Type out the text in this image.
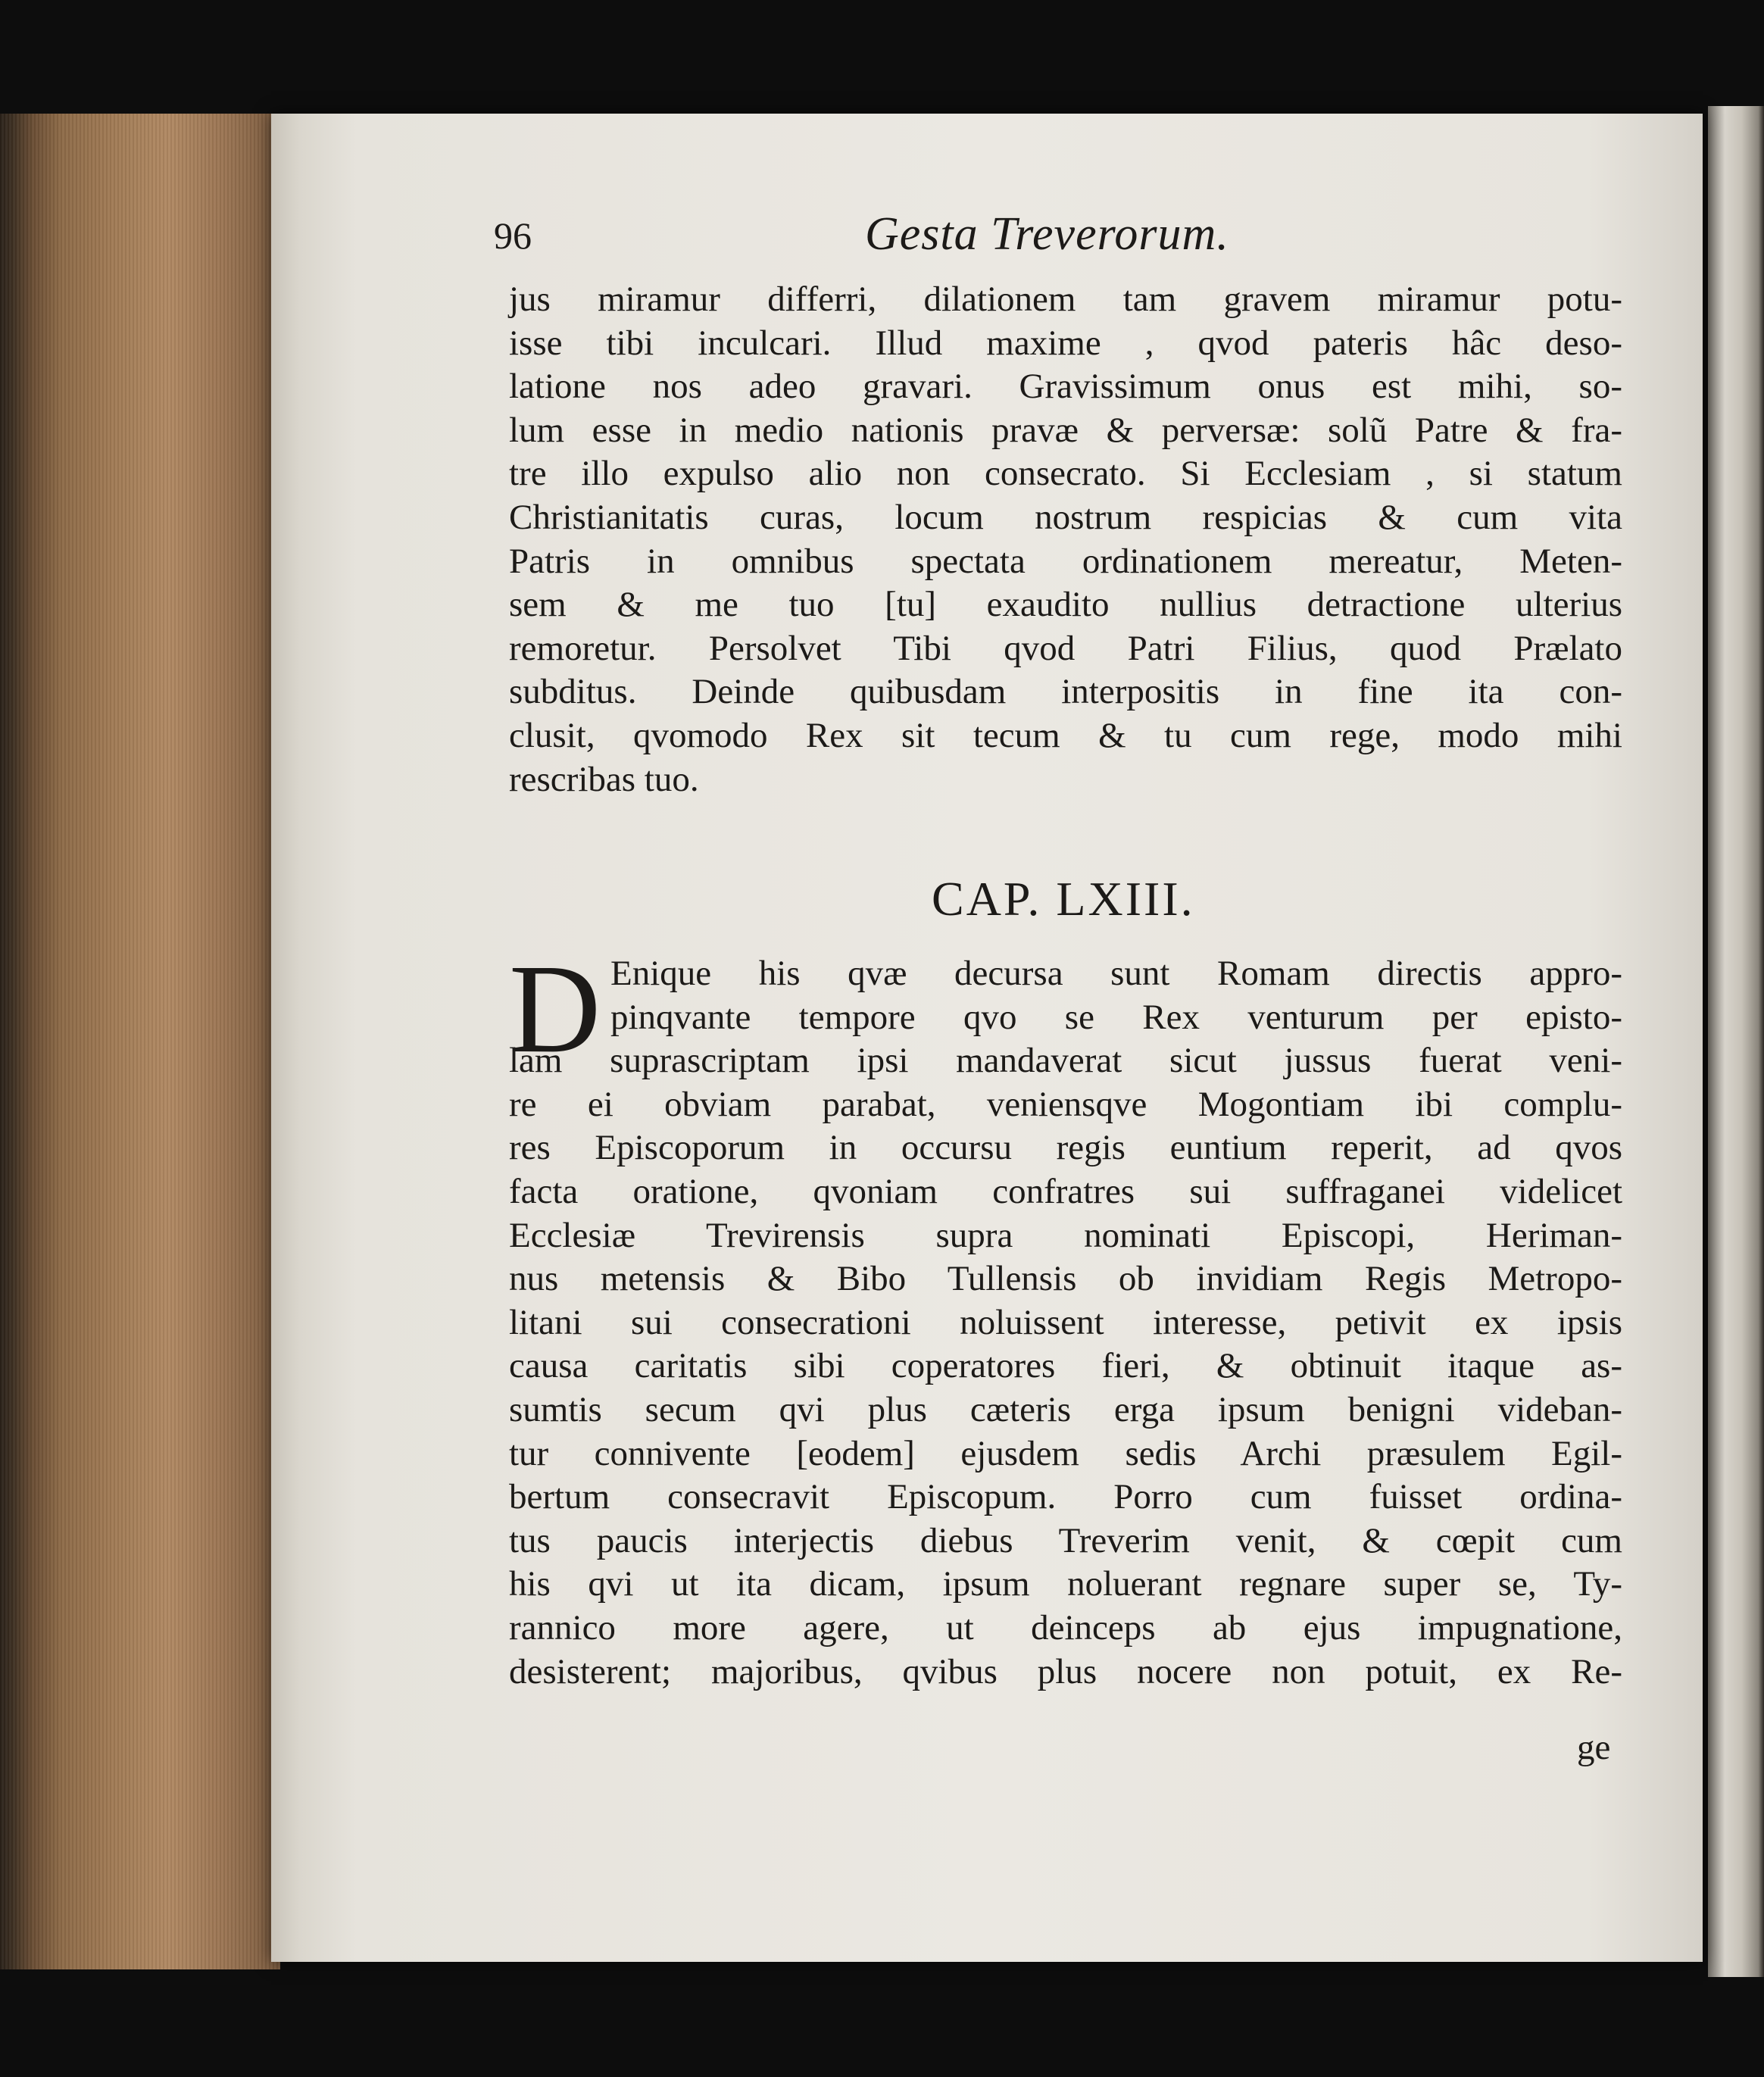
96	Gesta Treverorum.
jus miramur differri, dilationem tam gravem miramur potu-
isse tibi inculcari. Illud maxime , qvod pateris hâc deso-
latione nos adeo gravari. Gravissimum onus est mihi, so-
lum esse in medio nationis pravæ & perversæ: solũ Patre & fra-
tre illo expulso alio non consecrato. Si Ecclesiam , si statum
Christianitatis curas, locum nostrum respicias & cum vita
Patris in omnibus spectata ordinationem mereatur, Meten-
sem & me tuo [tu] exaudito nullius detractione ulterius
remoretur. Persolvet Tibi qvod Patri Filius, quod Prælato
subditus. Deinde quibusdam interpositis in fine ita con-
clusit, qvomodo Rex sit tecum & tu cum rege, modo mihi
rescribas tuo.
CAP. LXIII.
D Enique his qvæ decursa sunt Romam directis appro-
pinqvante tempore qvo se Rex venturum per episto-
lam suprascriptam ipsi mandaverat sicut jussus fuerat veni-
re ei obviam parabat, veniensqve Mogontiam ibi complu-
res Episcoporum in occursu regis euntium reperit, ad qvos
facta oratione, qvoniam confratres sui suffraganei videlicet
Ecclesiæ Trevirensis supra nominati Episcopi, Heriman-
nus metensis & Bibo Tullensis ob invidiam Regis Metropo-
litani sui consecrationi noluissent interesse, petivit ex ipsis
causa caritatis sibi coperatores fieri, & obtinuit itaque as-
sumtis secum qvi plus cæteris erga ipsum benigni videban-
tur connivente [eodem] ejusdem sedis Archi præsulem Egil-
bertum consecravit Episcopum. Porro cum fuisset ordina-
tus paucis interjectis diebus Treverim venit, & cœpit cum
his qvi ut ita dicam, ipsum noluerant regnare super se, Ty-
rannico more agere, ut deinceps ab ejus impugnatione,
desisterent; majoribus, qvibus plus nocere non potuit, ex Re-
ge
